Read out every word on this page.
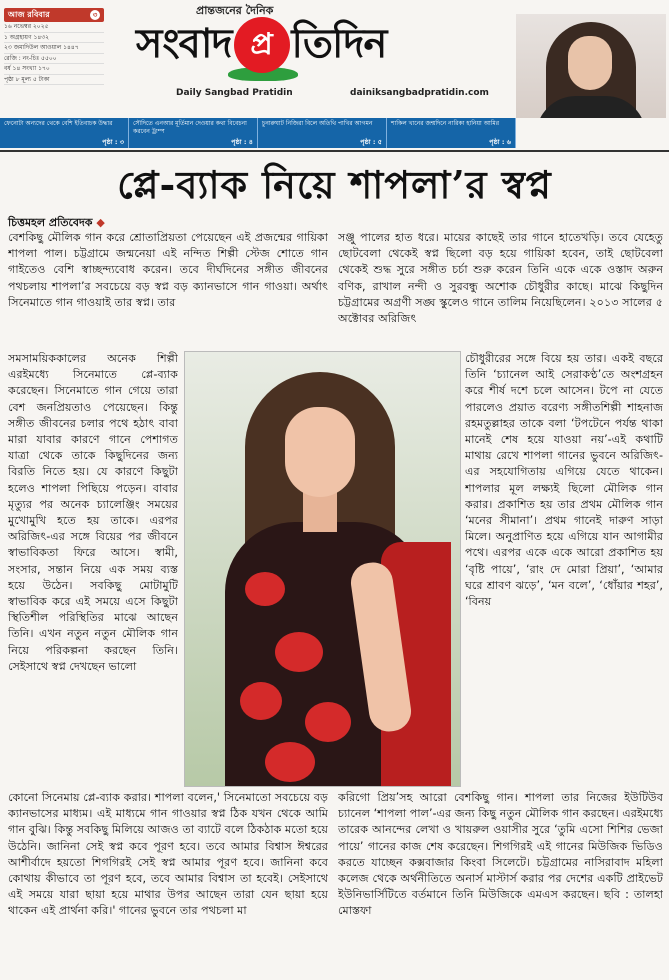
আজ রবিবার	৩
১৬ নভেম্বর ২০২৫
১ অগ্রহায়ণ ১৪৩২
২৩ জমাদিউল আওয়াল ১৪৪৭
রেজি : নং-চিঃ ৫৫০০
বর্ষ ১৪ সংখ্যা ১৭০
পৃষ্ঠা ৮ মূল্য ৫ টাকা
প্রান্তজনের দৈনিক
সংবাদ প্র তিদিন
Daily Sangbad Pratidin	dainiksangbadpratidin.com
ফেনোটা অন্যদের থেকে বেশি ইতিবাচক উদ্ধার
পৃষ্ঠা : ৩
সৌদিতে এনআর মূর্তিমান দেওয়ার কথা বিবেচনা করবেন ট্রাম্প
পৃষ্ঠা : ৪
চুনারুঘাট নিজিরা বিলে অতিথি পাখির আগমন
পৃষ্ঠা : ৫
শাকিল খানের জন্মদিনে নারিকা হানিয়া আমির
পৃষ্ঠা : ৬
প্লে-ব্যাক নিয়ে শাপলা’র স্বপ্ন
চিত্তমহল প্রতিবেদক ◆

বেশকিছু মৌলিক গান করে শ্রোতাপ্রিয়তা পেয়েছেন এই প্রজন্মের গায়িকা শাপলা পাল। চট্টগ্রামে জন্মনেয়া এই নন্দিত শিল্পী স্টেজ শোতে গান গাইতেও বেশি স্বাচ্ছন্দ্যবোধ করেন। তবে দীর্ঘদিনের সঙ্গীত জীবনের পথচলায় শাপলা’র সবচেয়ে বড় স্বপ্ন বড় ক্যানভাসে গান গাওয়া। অর্থাৎ সিনেমাতে গান গাওয়াই তার স্বপ্ন। তার

সমসাময়িককালের অনেক শিল্পী এরইমধ্যে সিনেমাতে প্লে-ব্যাক করেছেন। সিনেমাতে গান গেয়ে তারা বেশ জনপ্রিয়তাও পেয়েছেন। কিন্তু সঙ্গীত জীবনের চলার পথে হঠাৎ বাবা মারা যাবার কারণে গানে পেশাগত যাত্রা থেকে তাকে কিছুদিনের জন্য বিরতি নিতে হয়। যে কারণে কিছুটা হলেও শাপলা পিছিয়ে পড়েন। বাবার মৃত্যুর পর অনেক চ্যালেঞ্জিং সময়ের মুখোমুখি হতে হয় তাকে। এরপর অরিজিৎ-এর সঙ্গে বিয়ের পর জীবনে স্বাভাবিকতা ফিরে আসে। স্বামী, সংসার, সন্তান নিয়ে এক সময় ব্যস্ত হয়ে উঠেন। সবকিছু মোটামুটি স্বাভাবিক করে এই সময়ে এসে কিছুটা স্থিতিশীল পরিস্থিতির মাঝে আছেন তিনি। এখন নতুন নতুন মৌলিক গান নিয়ে পরিকল্পনা করছেন তিনি। সেইসাথে স্বপ্ন দেখছেন ভালো

সঞ্জু পালের হাত ধরে। মায়ের কাছেই তার গানে হাতেখড়ি। তবে যেহেতু ছোটবেলা থেকেই স্বপ্ন ছিলো বড় হয়ে গায়িকা হবেন, তাই ছোটবেলা থেকেই শুদ্ধ সুরে সঙ্গীত চর্চা শুরু করেন তিনি একে একে ওস্তাদ অরুন বণিক, রাখাল নন্দী ও সুরবন্ধু অশোক চৌধুরীর কাছে। মাঝে কিছুদিন চট্টগ্রামের অগ্রণী সঙ্ঘ স্কুলেও গানে তালিম নিয়েছিলেন। ২০১৩ সালের ৫ অক্টোবর অরিজিৎ

চৌধুরীরের সঙ্গে বিয়ে হয় তার। একই বছরে তিনি ‘চ্যানেল আই সেরাকণ্ঠ’তে অংশগ্রহন করে শীর্ষ দশে চলে আসেন। টপে না যেতে পারলেও প্রয়াত বরেণ্য সঙ্গীতশিল্পী শাহনাজ রহমতুল্লাহর তাকে বলা ‘টপটেনে পর্যন্ত থাকা মানেই শেষ হয়ে যাওয়া নয়’-এই কথাটি মাথায় রেখে শাপলা গানের ভুবনে অরিজিৎ-এর সহযোগিতায় এগিয়ে যেতে থাকেন। শাপলার মূল লক্ষ্যই ছিলো মৌলিক গান করার। প্রকাশিত হয় তার প্রথম মৌলিক গান ‘মনের সীমানা’। প্রথম গানেই দারুণ সাড়া মিলে। অনুপ্রাণিত হয়ে এগিয়ে যান আগামীর পথে। এরপর একে একে আরো প্রকাশিত হয় ‘বৃষ্টি পায়ে’, ‘রাং দে মোরা প্রিয়া’, ‘আমার ঘরে শ্রাবণ ঝড়ে’, ‘মন বলে’, ‘ধোঁয়ার শহর’, ‘বিনয়

কোনো সিনেমায় প্লে-ব্যাক করার। শাপলা বলেন,' সিনেমাতো সবচেয়ে বড় ক্যানভাসের মাধ্যম। এই মাধ্যমে গান গাওয়ার স্বপ্ন ঠিক যখন থেকে আমি গান বুঝি। কিন্তু সবকিছু মিলিয়ে আজও তা ব্যাটে বলে ঠিকঠাক মতো হয়ে উঠেনি। জানিনা সেই স্বপ্ন কবে পূরণ হবে। তবে আমার বিশ্বাস ঈশ্বরের আশীর্বাদে হয়তো শিগগিরই সেই স্বপ্ন আমার পূরণ হবে। জানিনা কবে কোথায় কীভাবে তা পূরণ হবে, তবে আমার বিশ্বাস তা হবেই। সেইসাথে এই সময়ে যারা ছায়া হয়ে মাথার উপর আছেন তারা যেন ছায়া হয়ে থাকেন এই প্রার্থনা করি।' গানের ভুবনে তার পথচলা মা

করিগো প্রিয়’সহ আরো বেশকিছু গান। শাপলা তার নিজের ইউটিউব চ্যানেল ‘শাপলা পাল’-এর জন্য কিছু নতুন মৌলিক গান করছেন। এরইমধ্যে তারেক আনন্দের লেখা ও খায়রুল ওয়াসীর সুরে ‘তুমি এসো শিশির ভেজা পায়ে’ গানের কাজ শেষ করেছেন। শিগগিরই এই গানের মিউজিক ভিডিও করতে যাচ্ছেন কক্সবাজার কিংবা সিলেটে। চট্টগ্রামের নাসিরাবাদ মহিলা কলেজ থেকে অর্থনীতিতে অনার্স মাস্টার্স করার পর দেশের একটি প্রাইভেট ইউনিভার্সিটিতে বর্তমানে তিনি মিউজিকে এমএস করছেন। ছবি : তালহা মোস্তফা
